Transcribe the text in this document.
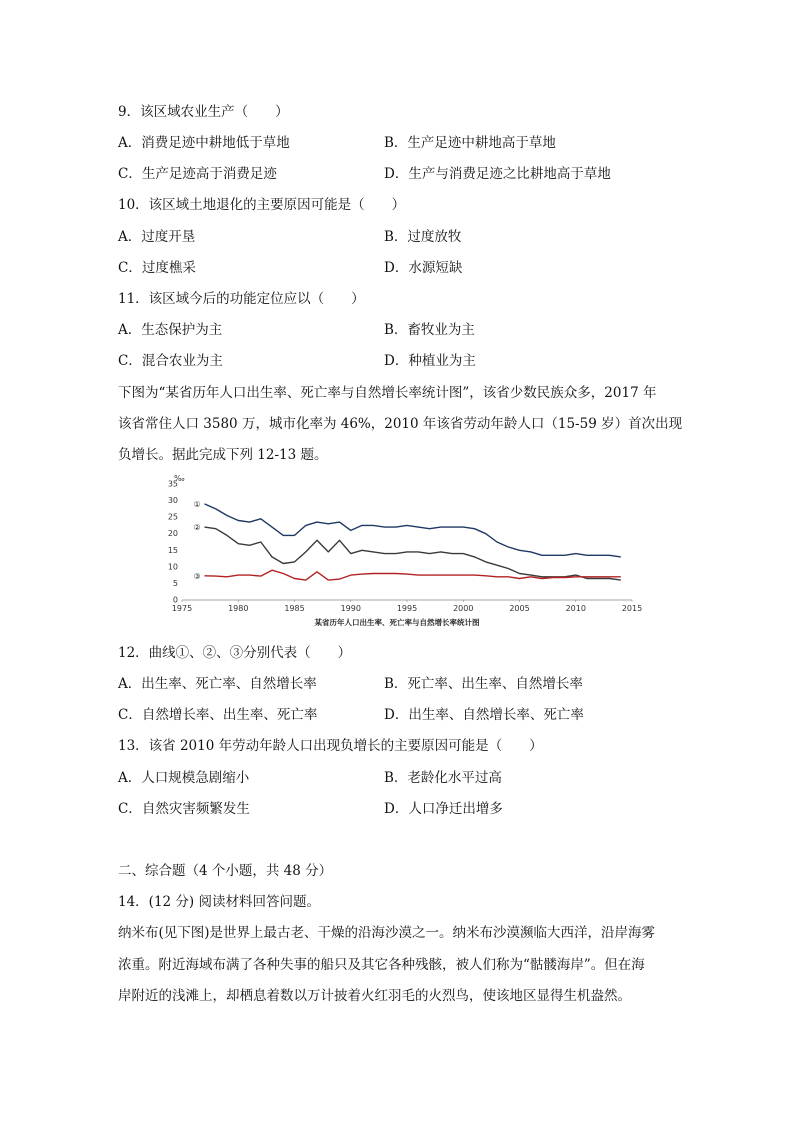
9．该区域农业生产（　　）
A．消费足迹中耕地低于草地	B．生产足迹中耕地高于草地
C．生产足迹高于消费足迹	D．生产与消费足迹之比耕地高于草地
10．该区域土地退化的主要原因可能是（　　）
A．过度开垦	B．过度放牧
C．过度樵采	D．水源短缺
11．该区域今后的功能定位应以（　　）
A．生态保护为主	B．畜牧业为主
C．混合农业为主	D．种植业为主
下图为“某省历年人口出生率、死亡率与自然增长率统计图”，该省少数民族众多，2017 年
该省常住人口 3580 万，城市化率为 46%，2010 年该省劳动年龄人口（15-59 岁）首次出现
负增长。据此完成下列 12-13 题。
0
5
10
15
20
25
30
35
1975	1980	1985	1990	1995	2000	2005	2010	2015
‰
①
②
③
某省历年人口出生率、死亡率与自然增长率统计图
12．曲线①、②、③分别代表（　　）
A．出生率、死亡率、自然增长率	B．死亡率、出生率、自然增长率
C．自然增长率、出生率、死亡率	D．出生率、自然增长率、死亡率
13．该省 2010 年劳动年龄人口出现负增长的主要原因可能是（　　）
A．人口规模急剧缩小	B．老龄化水平过高
C．自然灾害频繁发生	D．人口净迁出增多
二、综合题（4 个小题，共 48 分）
14．(12 分) 阅读材料回答问题。
纳米布(见下图)是世界上最古老、干燥的沿海沙漠之一。纳米布沙漠濒临大西洋，沿岸海雾
浓重。附近海域布满了各种失事的船只及其它各种残骸，被人们称为“骷髅海岸”。但在海
岸附近的浅滩上，却栖息着数以万计披着火红羽毛的火烈鸟，使该地区显得生机盎然。
